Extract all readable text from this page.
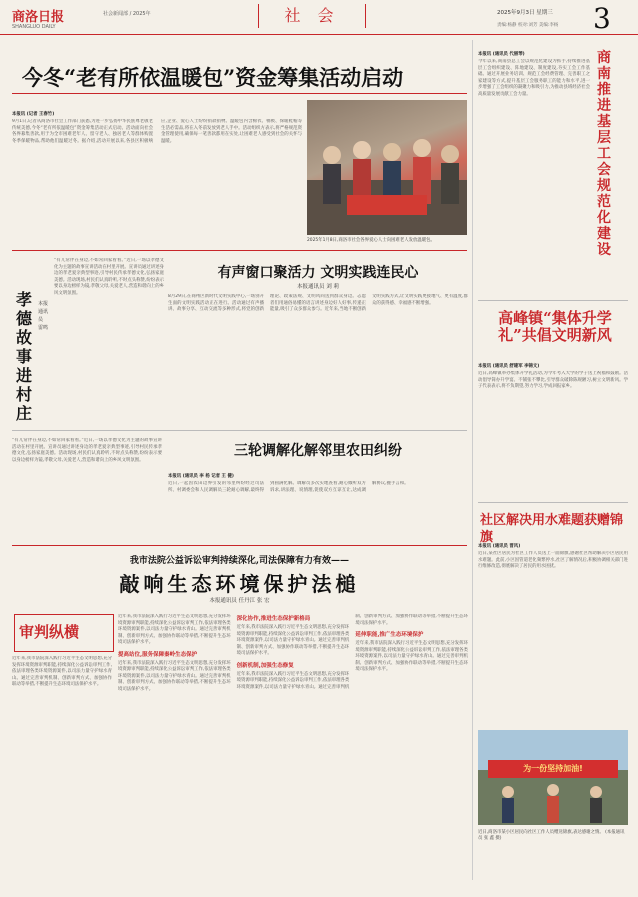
商洛日报
SHANGLUO DAILY
社会新闻部 / 2025年	社 会	2025年9月3日 星期三
责编:杨静 校对:刘芳 美编:李杨 3
今冬“老有所依温暖包”资金筹集活动启动
本报讯 (记者 王春竹)
9月1日,记者从商洛市社会工作部门获悉,为进一步弘扬中华民族尊老敬老传统美德,今冬“老有所依温暖包”资金筹集活动正式启动。活动面向社会各界募集善款,用于为全市困难老年人、留守老人、独居老人等群体购置冬季保暖物品,帮助他们温暖过冬。据介绍,活动开展以来,各县区积极响应,企业、爱心人士纷纷捐款捐物。温暖包内含棉衣、棉被、保暖鞋帽等生活必需品,将在入冬前发放到老人手中。活动组织方表示,将严格规范资金管理使用,确保每一笔善款都用在实处,让困难老人感受到社会的关怀与温暖。
2025年1月8日,商洛市社会各界爱心人士向困难老人发放温暖包。
本报讯 (通讯员 代丽琴)
今年以来,商南县总工会以规范化建设为抓手,持续推进基层工会组织建设、阵地建设、制度建设,夯实工会工作基础。通过开展业务培训、规范工会经费管理、完善职工之家建设等方式,提升基层工会服务职工的能力和水平,进一步增强了工会组织的凝聚力和吸引力,为推动县域经济社会高质量发展贡献工会力量。
商南推进基层工会规范化建设
高峰镇“集体升学礼”共倡文明新风
本报讯 (通讯员 舒建军 李锦文)
近日,高峰镇举办集体升学礼活动,为今年考入大学的学子送上祝福和鼓励。活动倡导简办升学宴、不铺张不攀比,引导群众破除陈规陋习,树立文明新风。学子代表表示,将不负期望,努力学习,学成回报家乡。
社区解决用水难题获赠锦旗
本报讯 (通讯员 晋风)
近日,某社区居民为社区工作人员送上一面锦旗,感谢社区帮助解决小区居民用水难题。此前,小区因管道老化频繁停水,社区了解情况后,积极协调相关部门进行维修改造,彻底解决了居民的用水困扰。
为一份坚持加油!
近日,商洛市某小区居民向社区工作人员赠送锦旗,表达感谢之情。 (本报通讯员 张 鑫 摄)
孝德故事进村庄
本报通讯员 雷鸣
“有儿常伴在身边,不如常回家看看。”近日,一场以孝德文化为主题的故事宣讲活动在村里开展。宣讲员通过讲述身边的孝老爱亲典型事迹,引导村民传承孝德文化,弘扬家庭美德。活动现场,村民们认真聆听,不时点头称赞,纷纷表示要以身边榜样为镜,孝敬父母,关爱老人,营造和谐向上的乡风文明氛围。
有声窗口聚活力 文明实践连民心
本报通讯员 刘 莉
8月29日,在商州区新时代文明实践中心,一场别开生面的文明实践活动正在进行。活动通过有声播讲、故事分享、互动交流等多种形式,将党的创新理论、政策法规、文明风尚送到群众身边。志愿者们用通俗易懂的语言讲述身边好人好事,传递正能量,吸引了众多群众参与。近年来,当地不断创新文明实践方式,让文明实践更接地气、更有温度,群众的获得感、幸福感不断增强。
三轮调解化解邻里农田纠纷
本报讯 (通讯员 李 杨 记者 王 健)
近日,一起因农田边界引发的邻里纠纷经过司法所、村调委会和人民调解员三轮耐心调解,最终得到圆满化解。调解员多次实地查看,耐心倾听双方诉求,讲法理、说情理,促使双方互谅互让,达成调解协议,握手言和。
“有儿常伴在身边,不如常回家看看。”近日,一场以孝德文化为主题的故事宣讲活动在村里开展。宣讲员通过讲述身边的孝老爱亲典型事迹,引导村民传承孝德文化,弘扬家庭美德。活动现场,村民们认真聆听,不时点头称赞,纷纷表示要以身边榜样为镜,孝敬父母,关爱老人,营造和谐向上的乡风文明氛围。
我市法院公益诉讼审判持续深化,司法保障有力有效——
敲响生态环境保护法槌
本报通讯员 任丹江 张 宏
审判纵横
近年来,我市法院深入践行习近平生态文明思想,充分发挥环境资源审判职能,持续深化公益诉讼审判工作,依法审理各类环境资源案件,以司法力量守护绿水青山。通过完善审判机制、创新审判方式、加强协作联动等举措,不断提升生态环境司法保护水平。
近年来,我市法院深入践行习近平生态文明思想,充分发挥环境资源审判职能,持续深化公益诉讼审判工作,依法审理各类环境资源案件,以司法力量守护绿水青山。通过完善审判机制、创新审判方式、加强协作联动等举措,不断提升生态环境司法保护水平。
提高站位,服务保障秦岭生态保护
近年来,我市法院深入践行习近平生态文明思想,充分发挥环境资源审判职能,持续深化公益诉讼审判工作,依法审理各类环境资源案件,以司法力量守护绿水青山。通过完善审判机制、创新审判方式、加强协作联动等举措,不断提升生态环境司法保护水平。
深化协作,推进生态保护新格局
近年来,我市法院深入践行习近平生态文明思想,充分发挥环境资源审判职能,持续深化公益诉讼审判工作,依法审理各类环境资源案件,以司法力量守护绿水青山。通过完善审判机制、创新审判方式、加强协作联动等举措,不断提升生态环境司法保护水平。
创新机制,加强生态修复
近年来,我市法院深入践行习近平生态文明思想,充分发挥环境资源审判职能,持续深化公益诉讼审判工作,依法审理各类环境资源案件,以司法力量守护绿水青山。通过完善审判机制、创新审判方式、加强协作联动等举措,不断提升生态环境司法保护水平。
延伸职能,推广生态环境保护
近年来,我市法院深入践行习近平生态文明思想,充分发挥环境资源审判职能,持续深化公益诉讼审判工作,依法审理各类环境资源案件,以司法力量守护绿水青山。通过完善审判机制、创新审判方式、加强协作联动等举措,不断提升生态环境司法保护水平。
